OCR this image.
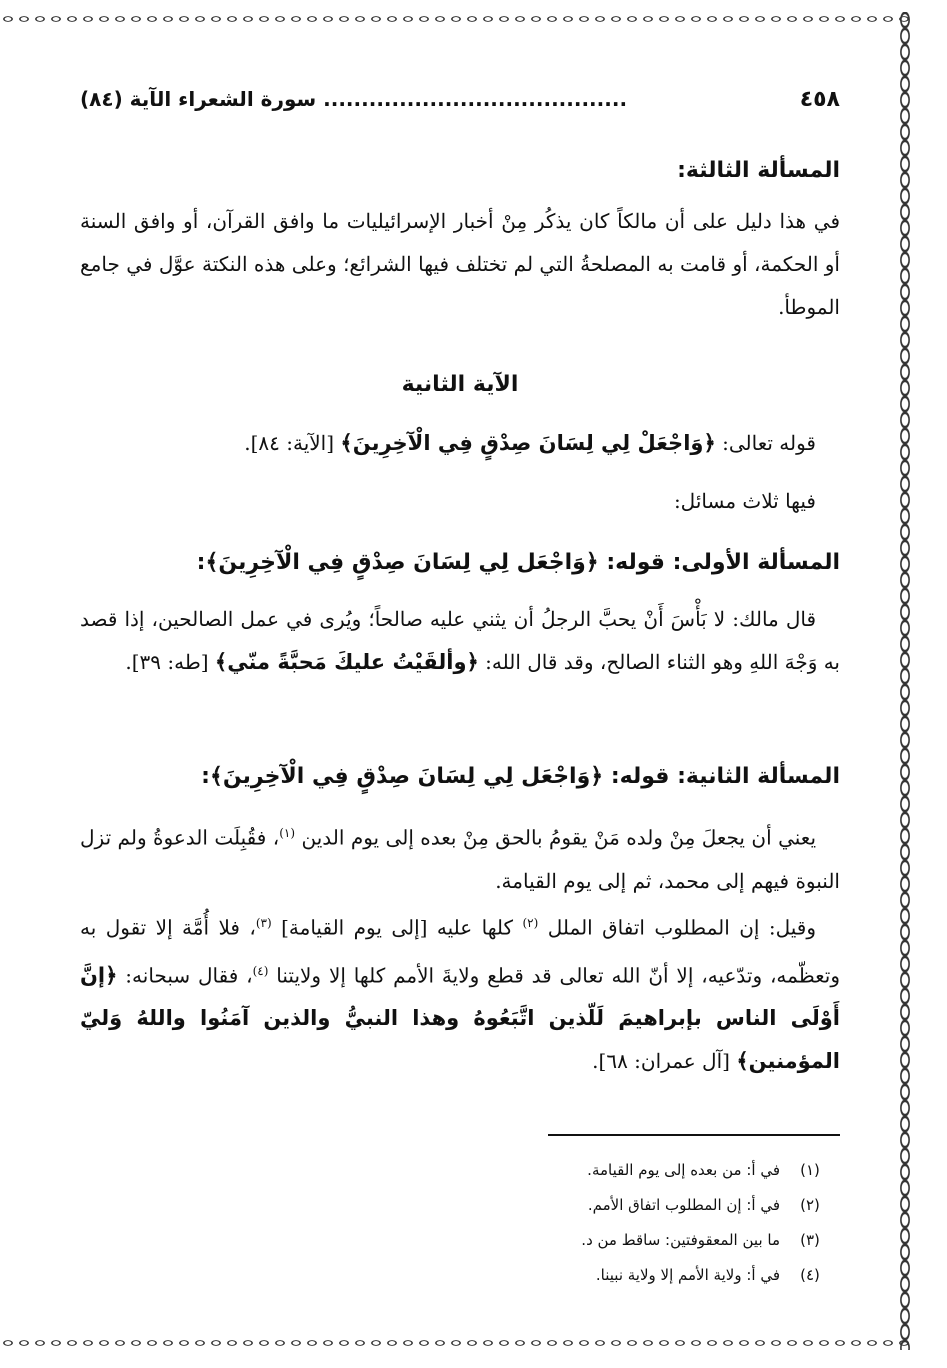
٤٥٨
........................................ سورة الشعراء الآية (٨٤)
المسألة الثالثة:

في هذا دليل على أن مالكاً كان يذكُر مِنْ أخبار الإسرائيليات ما وافق القرآن، أو وافق السنة أو الحكمة، أو قامت به المصلحةُ التي لم تختلف فيها الشرائع؛ وعلى هذه النكتة عوَّل في جامع الموطأ.

الآية الثانية

قوله تعالى: ﴿وَاجْعَلْ لِي لِسَانَ صِدْقٍ فِي الْآخِرِينَ﴾ [الآية: ٨٤].

فيها ثلاث مسائل:

المسألة الأولى: قوله: ﴿وَاجْعَل لِي لِسَانَ صِدْقٍ فِي الْآخِرِينَ﴾:

قال مالك: لا بَأْسَ أَنْ يحبَّ الرجلُ أن يثني عليه صالحاً؛ ويُرى في عمل الصالحين، إذا قصد به وَجْهَ اللهِ وهو الثناء الصالح، وقد قال الله: ﴿وألقَيْتُ عليكَ مَحبَّةً منّي﴾ [طه: ٣٩].

المسألة الثانية: قوله: ﴿وَاجْعَل لِي لِسَانَ صِدْقٍ فِي الْآخِرِينَ﴾:

يعني أن يجعلَ مِنْ ولده مَنْ يقومُ بالحق مِنْ بعده إلى يوم الدين $^{(١)}$، فقُبِلَت الدعوةُ ولم تزل النبوة فيهم إلى محمد، ثم إلى يوم القيامة.

وقيل: إن المطلوب اتفاق الملل $^{(٢)}$ كلها عليه [إلى يوم القيامة] $^{(٣)}$، فلا أُمَّة إلا تقول به وتعظّمه، وتدّعيه، إلا أنّ الله تعالى قد قطع ولايةَ الأمم كلها إلا ولايتنا $^{(٤)}$، فقال سبحانه: ﴿إنَّ أَوْلَى الناس بإبراهيمَ لَلّذين اتَّبَعُوهُ وهذا النبيُّ والذين آمَنُوا واللهُ وَليّ المؤمنين﴾ [آل عمران: ٦٨].

(١)
في أ: من بعده إلى يوم القيامة.
(٢)
في أ: إن المطلوب اتفاق الأمم.
(٣)
ما بين المعقوفتين: ساقط من د.
(٤)
في أ: ولاية الأمم إلا ولاية نبينا.
